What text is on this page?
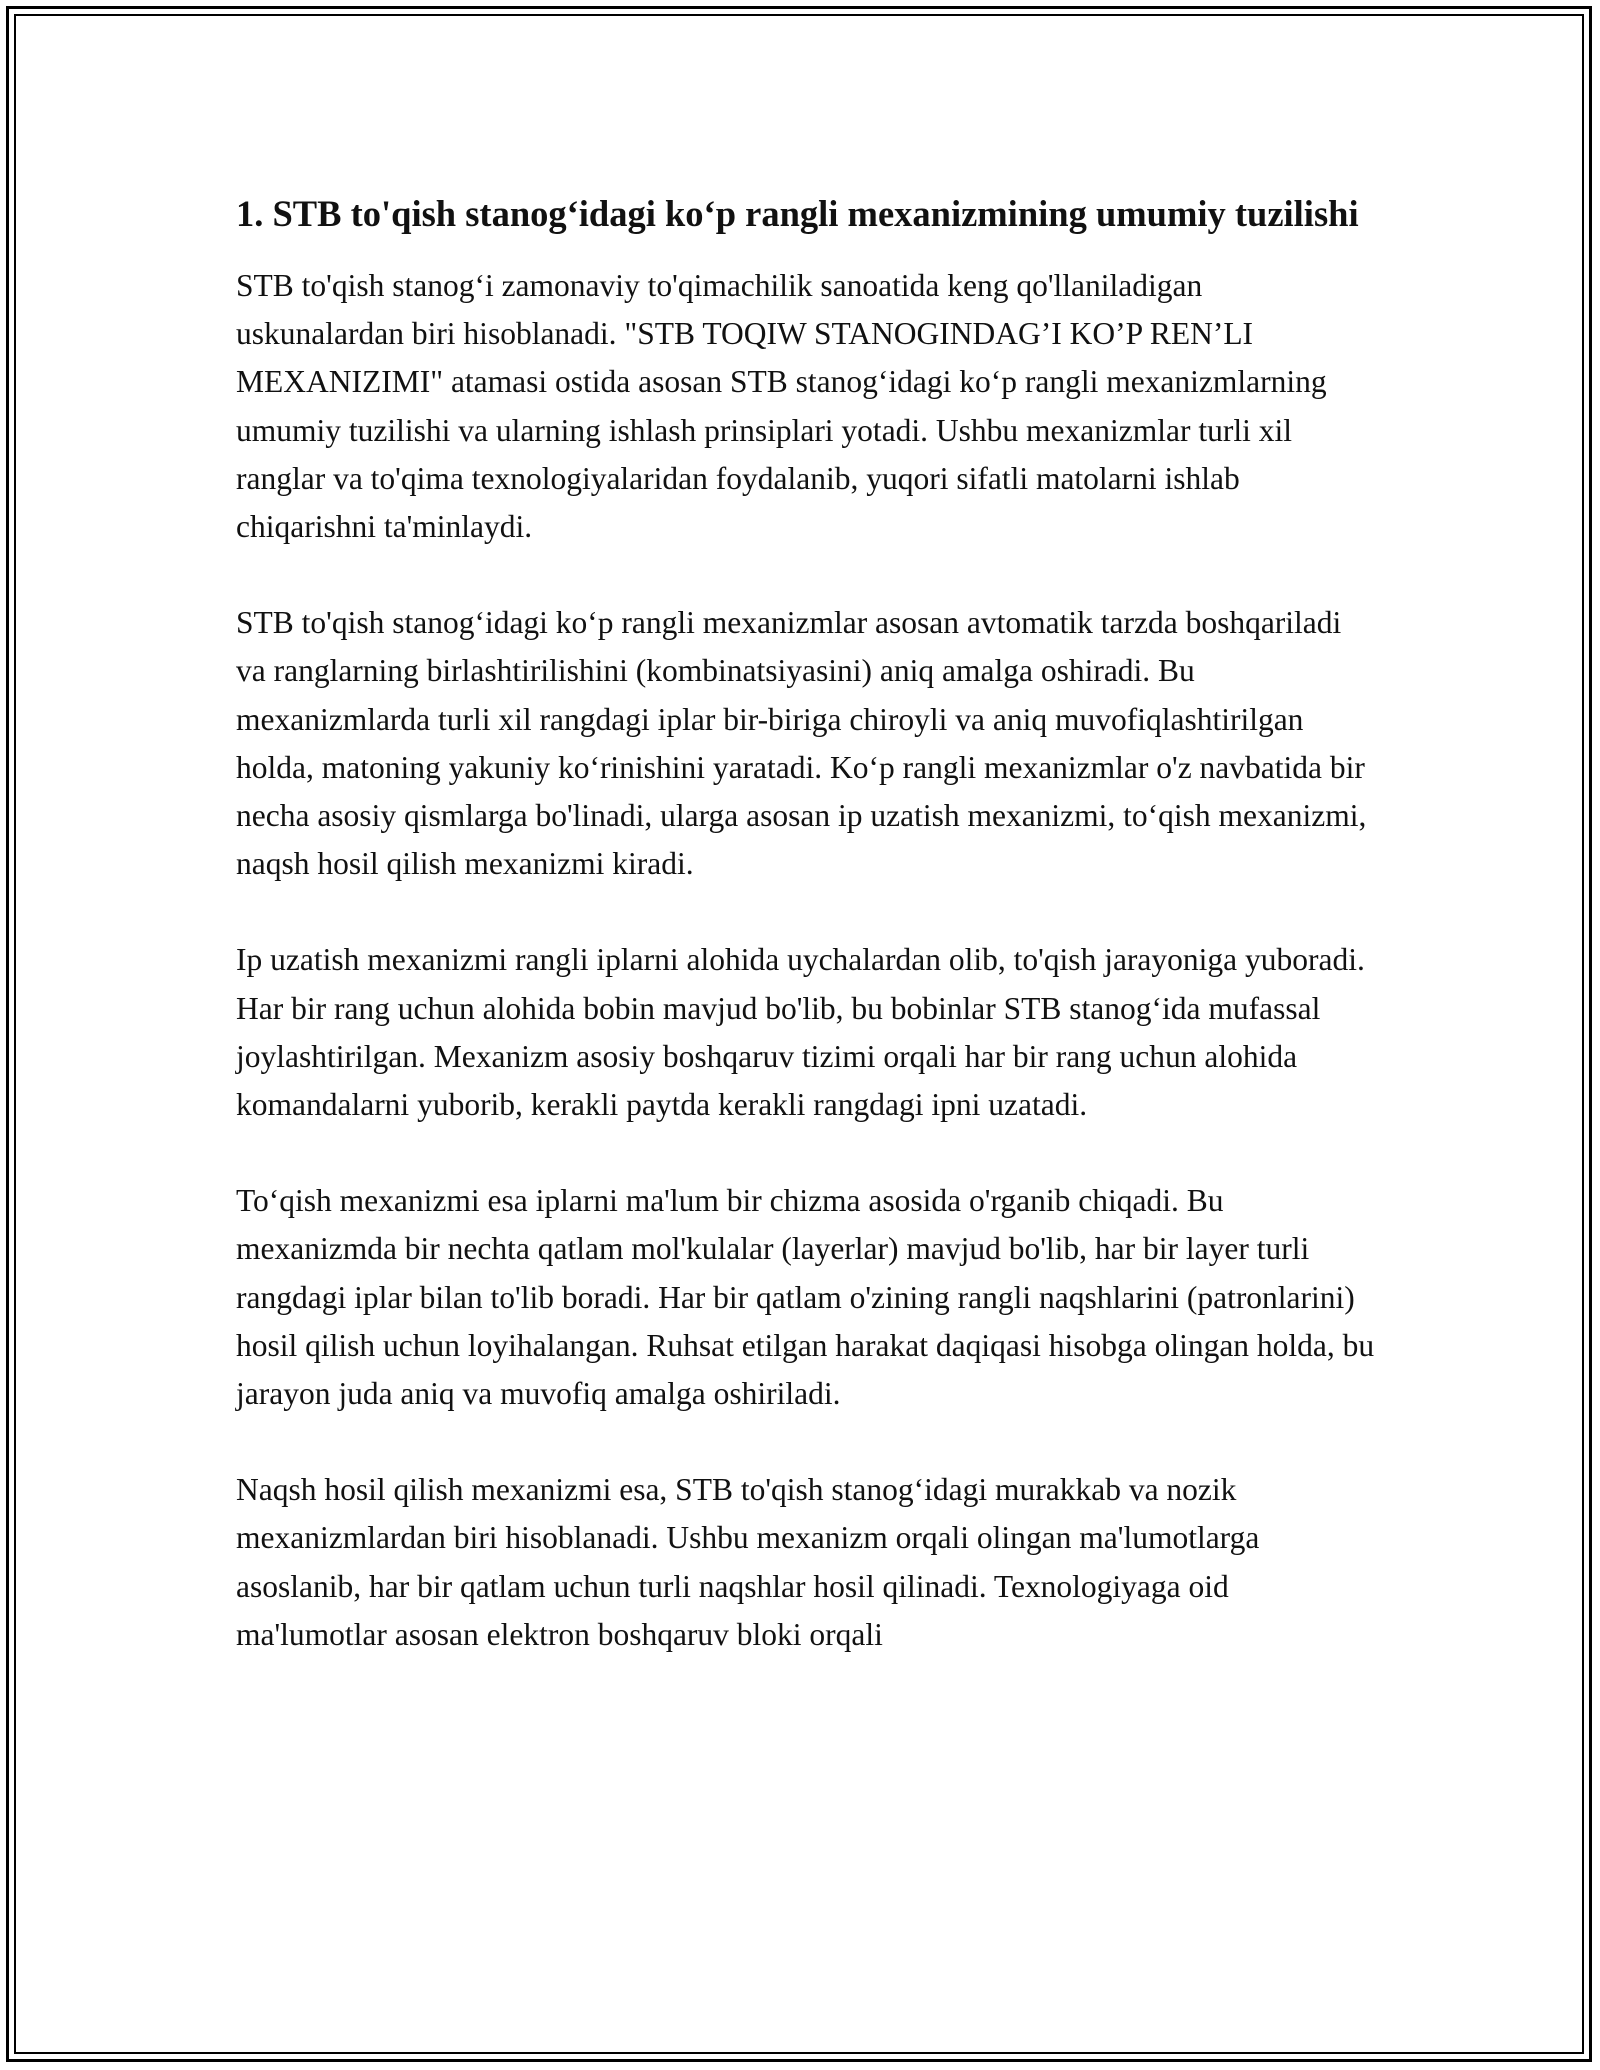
1. STB to'qish stanog‘idagi ko‘p rangli mexanizmining umumiy tuzilishi

STB to'qish stanog‘i zamonaviy to'qimachilik sanoatida keng qo'llaniladigan uskunalardan biri hisoblanadi. "STB TOQIW STANOGINDAG’I KO’P REN’LI MEXANIZIMI" atamasi ostida asosan STB stanog‘idagi ko‘p rangli mexanizmlarning umumiy tuzilishi va ularning ishlash prinsiplari yotadi. Ushbu mexanizmlar turli xil ranglar va to'qima texnologiyalaridan foydalanib, yuqori sifatli matolarni ishlab chiqarishni ta'minlaydi.

STB to'qish stanog‘idagi ko‘p rangli mexanizmlar asosan avtomatik tarzda boshqariladi va ranglarning birlashtirilishini (kombinatsiyasini) aniq amalga oshiradi. Bu mexanizmlarda turli xil rangdagi iplar bir-biriga chiroyli va aniq muvofiqlashtirilgan holda, matoning yakuniy ko‘rinishini yaratadi. Ko‘p rangli mexanizmlar o'z navbatida bir necha asosiy qismlarga bo'linadi, ularga asosan ip uzatish mexanizmi, to‘qish mexanizmi, naqsh hosil qilish mexanizmi kiradi.

Ip uzatish mexanizmi rangli iplarni alohida uychalardan olib, to'qish jarayoniga yuboradi. Har bir rang uchun alohida bobin mavjud bo'lib, bu bobinlar STB stanog‘ida mufassal joylashtirilgan. Mexanizm asosiy boshqaruv tizimi orqali har bir rang uchun alohida komandalarni yuborib, kerakli paytda kerakli rangdagi ipni uzatadi.

To‘qish mexanizmi esa iplarni ma'lum bir chizma asosida o'rganib chiqadi. Bu mexanizmda bir nechta qatlam mol'kulalar (layerlar) mavjud bo'lib, har bir layer turli rangdagi iplar bilan to'lib boradi. Har bir qatlam o'zining rangli naqshlarini (patronlarini) hosil qilish uchun loyihalangan. Ruhsat etilgan harakat daqiqasi hisobga olingan holda, bu jarayon juda aniq va muvofiq amalga oshiriladi.

Naqsh hosil qilish mexanizmi esa, STB to'qish stanog‘idagi murakkab va nozik mexanizmlardan biri hisoblanadi. Ushbu mexanizm orqali olingan ma'lumotlarga asoslanib, har bir qatlam uchun turli naqshlar hosil qilinadi. Texnologiyaga oid ma'lumotlar asosan elektron boshqaruv bloki orqali
